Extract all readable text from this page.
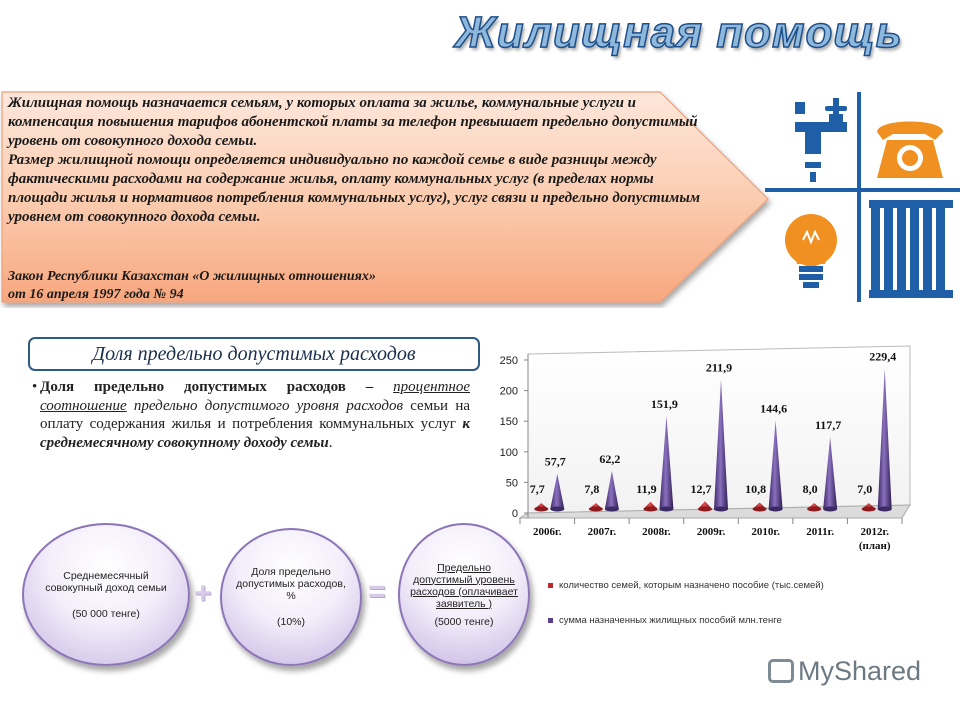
Жилищная помощь

Жилищная помощь назначается семьям, у которых оплата за жилье, коммунальные услуги и компенсация повышения тарифов абонентской платы за телефон превышает предельно допустимый уровень от совокупного дохода семьи.

Размер жилищной помощи определяется индивидуально по каждой семье в виде разницы между фактическими расходами на содержание жилья, оплату коммунальных услуг (в пределах нормы площади жилья и нормативов потребления коммунальных услуг), услуг связи и предельно допустимым уровнем от совокупного дохода семьи.

Закон Республики Казахстан «О жилищных отношениях»
от 16 апреля 1997 года № 94
Доля предельно допустимых расходов
• Доля предельно допустимых расходов – процентное соотношение предельно допустимого уровня расходов семьи на оплату содержания жилья и потребления коммунальных услуг к среднемесячному совокупному доходу семьи.
Среднемесячный совокупный доход семьи
(50 000 тенге)
+
Доля предельно допустимых расходов, %
(10%)
=
Предельно допустимый уровень расходов (оплачивает заявитель )
(5000 тенге)
0
50
100
150
200
250
2006г. 2007г. 2008г. 2009г. 2010г. 2011г. 2012г.
(план)
7,7
57,7
7,8
62,2
11,9
151,9
12,7
211,9
10,8
144,6
8,0
117,7
7,0
229,4
количество семей, которым назначено пособие (тыс.семей)
сумма назначенных жилищных пособий млн.тенге
MyShared
